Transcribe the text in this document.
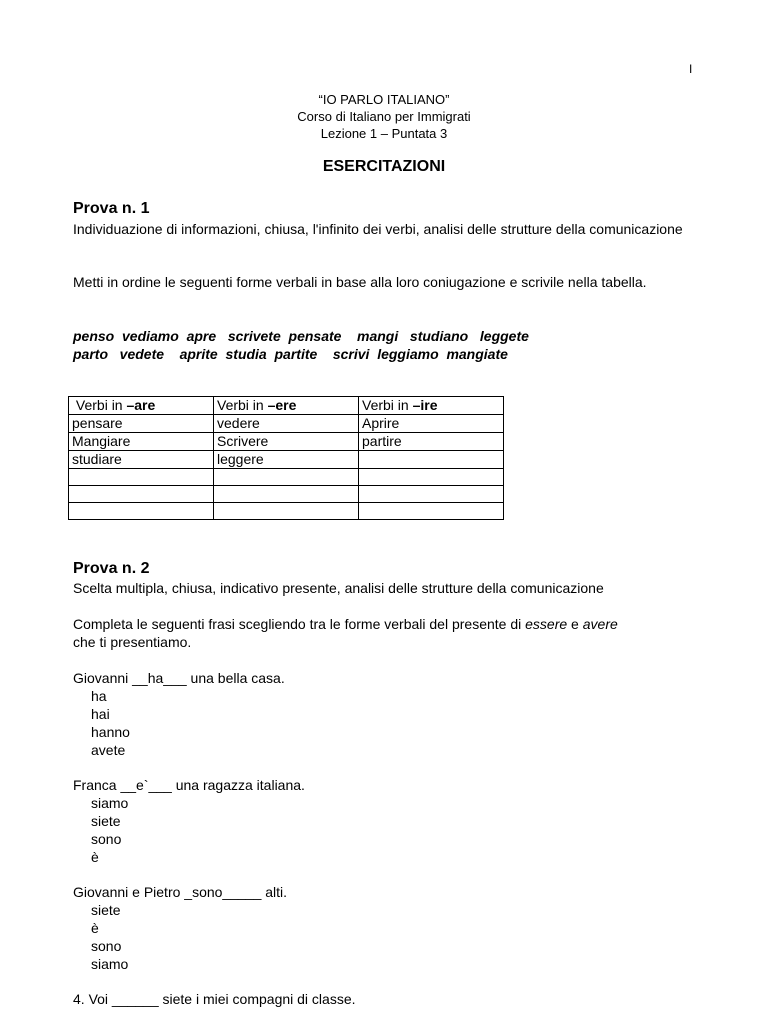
I
“IO PARLO ITALIANO”
Corso di Italiano per Immigrati
Lezione 1 – Puntata 3
ESERCITAZIONI
Prova n. 1
Individuazione di informazioni, chiusa, l'infinito dei verbi, analisi delle strutture della comunicazione
Metti in ordine le seguenti forme verbali in base alla loro coniugazione e scrivile nella tabella.
penso  vediamo  apre   scrivete  pensate    mangi   studiano   leggete
parto   vedete    aprite  studia  partite    scrivi  leggiamo  mangiate
Verbi in –are	Verbi in –ere	Verbi in –ire
pensare	vedere	Aprire
Mangiare	Scrivere	partire
studiare	leggere	

Prova n. 2
Scelta multipla, chiusa, indicativo presente, analisi delle strutture della comunicazione
Completa le seguenti frasi scegliendo tra le forme verbali del presente di essere e avere
che ti presentiamo.
Giovanni __ha___ una bella casa.
ha
hai
hanno
avete
Franca __e`___ una ragazza italiana.
siamo
siete
sono
è
Giovanni e Pietro _sono_____ alti.
siete
è
sono
siamo
4. Voi ______ siete i miei compagni di classe.
